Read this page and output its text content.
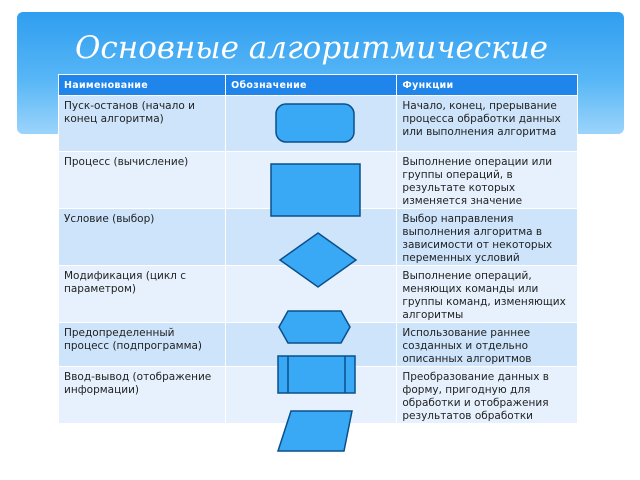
Основные алгоритмические
Наименование	Обозначение	Функции
Пуск-останов (начало и конец алгоритма)		Начало, конец, прерывание процесса обработки данных или выполнения алгоритма
Процесс (вычисление)		Выполнение операции или группы операций, в результате которых изменяется значение
Условие (выбор)		Выбор направления выполнения алгоритма в зависимости от некоторых переменных условий
Модификация (цикл с параметром)		Выполнение операций, меняющих команды или группы команд, изменяющих алгоритмы
Предопределенный процесс (подпрограмма)		Использование раннее созданных и отдельно описанных алгоритмов
Ввод-вывод (отображение информации)		Преобразование данных в форму, пригодную для обработки и отображения результатов обработки
